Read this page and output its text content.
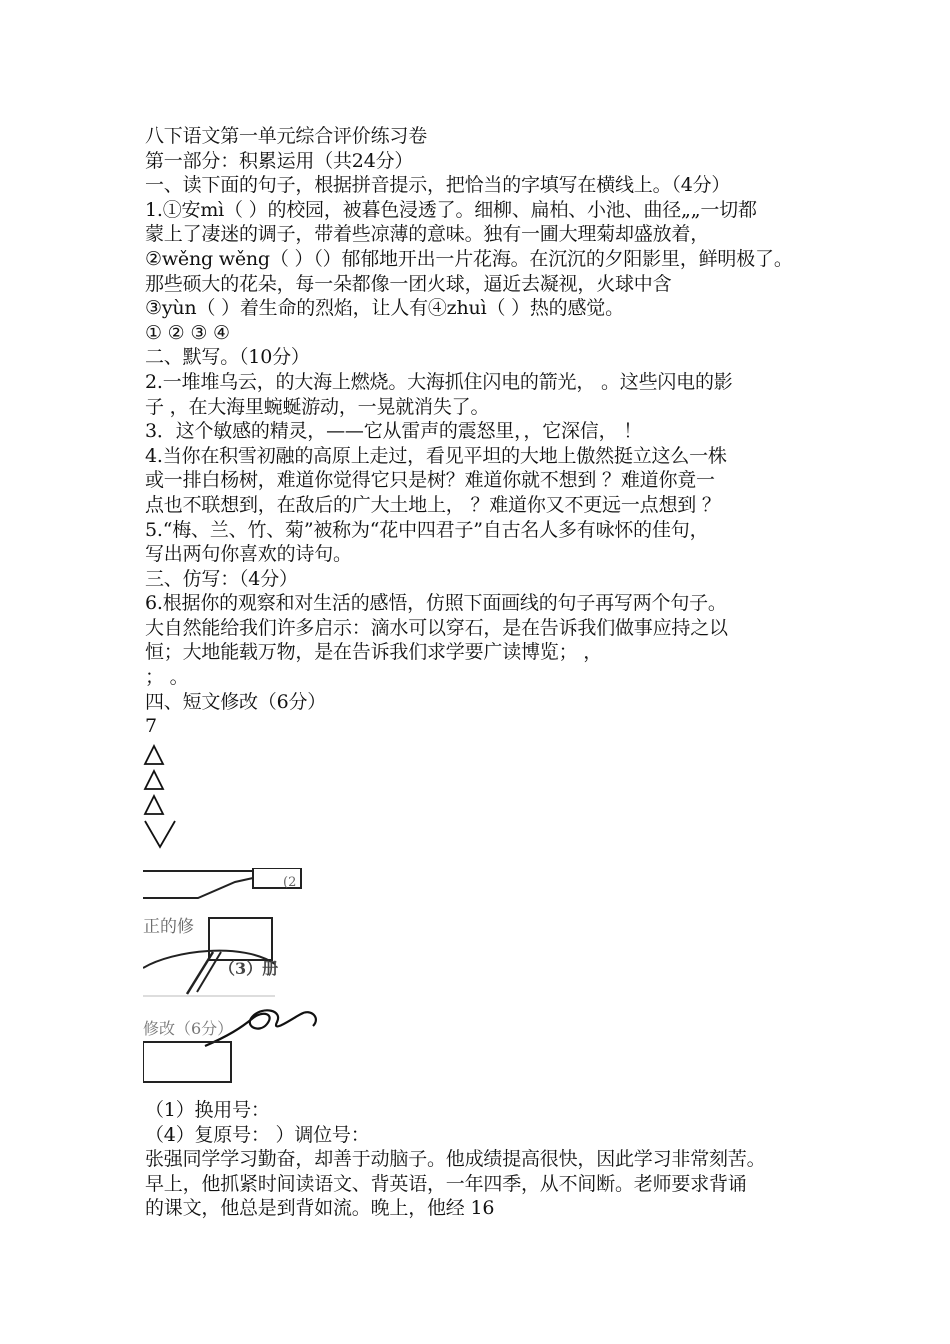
八下语文第一单元综合评价练习卷
第一部分：积累运用（共24分）
一、读下面的句子，根据拼音提示，把恰当的字填写在横线上。（4分）
1.①安mì（ ）的校园，被暮色浸透了。细柳、扁柏、小池、曲径„„一切都
蒙上了凄迷的调子，带着些凉薄的意味。独有一圃大理菊却盛放着，
②wěng wěng（ ）（）郁郁地开出一片花海。在沉沉的夕阳影里，鲜明极了。
那些硕大的花朵，每一朵都像一团火球，逼近去凝视，火球中含
③yùn（ ）着生命的烈焰，让人有④zhuì（ ）热的感觉。
① ② ③ ④
二、默写。（10分）
2.一堆堆乌云，的大海上燃烧。大海抓住闪电的箭光， 。这些闪电的影
子 ，在大海里蜿蜒游动，一晃就消失了。
3．这个敏感的精灵，——它从雷声的震怒里，，它深信， ！
4.当你在积雪初融的高原上走过，看见平坦的大地上傲然挺立这么一株
或一排白杨树，难道你觉得它只是树？难道你就不想到 ？难道你竟一
点也不联想到，在敌后的广大土地上， ？难道你又不更远一点想到 ？
5.“梅、兰、竹、菊”被称为“花中四君子”自古名人多有咏怀的佳句，
写出两句你喜欢的诗句。
三、仿写：（4分）
6.根据你的观察和对生活的感悟，仿照下面画线的句子再写两个句子。
大自然能给我们许多启示：滴水可以穿石，是在告诉我们做事应持之以
恒；大地能载万物，是在告诉我们求学要广读博览； ，
； 。
四、短文修改（6分）
7
(2
正的修
（3）册
修改（6分）
（1）换用号：
（4）复原号： ）调位号：
张强同学学习勤奋，却善于动脑子。他成绩提高很快，因此学习非常刻苦。
早上，他抓紧时间读语文、背英语，一年四季，从不间断。老师要求背诵
的课文，他总是到背如流。晚上，他经 16
